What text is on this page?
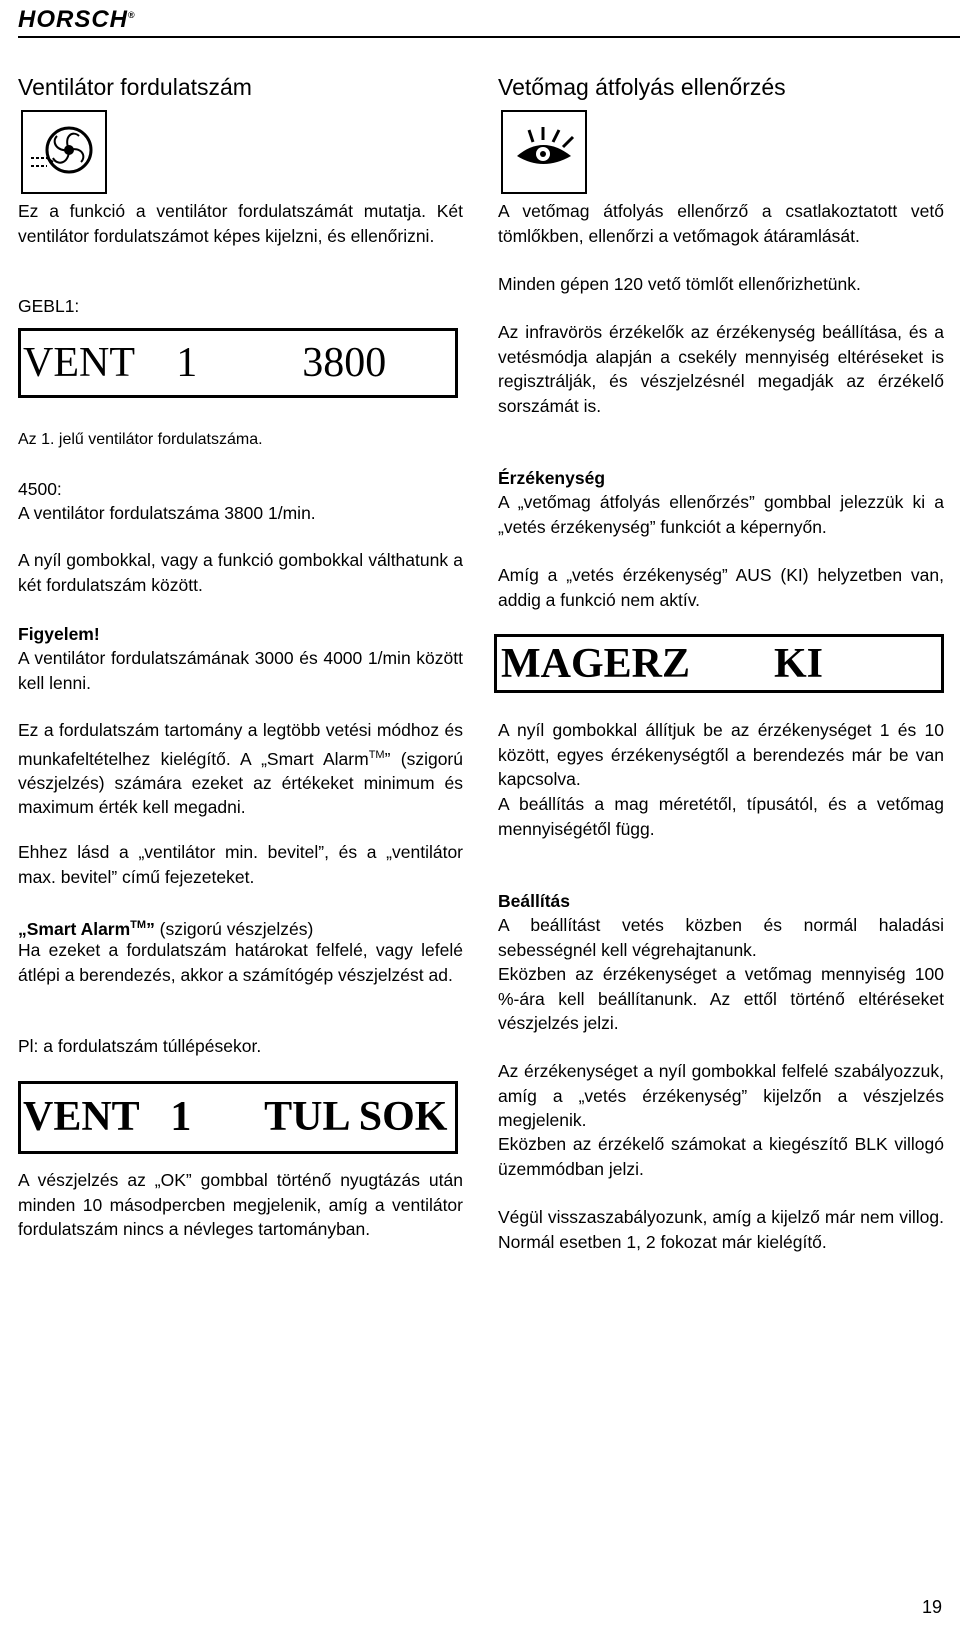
HORSCH®
Ventilátor fordulatszám

Ez a funkció a ventilátor fordulatszámát mutatja. Két ventilátor fordulatszámot képes kijelzni, és ellenőrizni.

GEBL1:
VENT    1          3800
Az 1. jelű ventilátor fordulatszáma.
4500:
A ventilátor fordulatszáma 3800 1/min.

A nyíl gombokkal, vagy a funkció gombokkal válthatunk a két fordulatszám között.

Figyelem!

A ventilátor fordulatszámának 3000 és 4000 1/min között kell lenni.

Ez a fordulatszám tartomány a legtöbb vetési módhoz és munkafeltételhez kielégítő. A „Smart Alarm™” (szigorú vészjelzés) számára ezeket az értékeket minimum és maximum érték kell megadni.

Ehhez lásd a „ventilátor min. bevitel”, és a „ventilátor max. bevitel” című fejezeteket.

„Smart Alarm™” (szigorú vészjelzés)

Ha ezeket a fordulatszám határokat felfelé, vagy lefelé átlépi a berendezés, akkor a számítógép vészjelzést ad.

Pl: a fordulatszám túllépésekor.
VENT   1       TUL SOK

A vészjelzés az „OK” gombbal történő nyugtázás után minden 10 másodpercben megjelenik, amíg a ventilátor fordulatszám nincs a névleges tartományban.

Vetőmag átfolyás ellenőrzés

A vetőmag átfolyás ellenőrző a csatlakoztatott vető tömlőkben, ellenőrzi a vetőmagok átáramlását.

Minden gépen 120 vető tömlőt ellenőrizhetünk.

Az infravörös érzékelők az érzékenység beállítása, és a vetésmódja alapján a csekély mennyiség eltéréseket is regisztrálják, és vészjelzésnél megadják az érzékelő sorszámát is.

Érzékenység

A „vetőmag átfolyás ellenőrzés” gombbal jelezzük ki a „vetés érzékenység” funkciót a képernyőn.

Amíg a „vetés érzékenység” AUS (KI) helyzetben van, addig a funkció nem aktív.

MAGERZ        KI

A nyíl gombokkal állítjuk be az érzékenységet 1 és 10 között, egyes érzékenységtől a berendezés már be van kapcsolva.

A beállítás a mag méretétől, típusától, és a vetőmag mennyiségétől függ.

Beállítás

A beállítást vetés közben és normál haladási sebességnél kell végrehajtanunk.

Eközben az érzékenységet a vetőmag mennyiség 100 %-ára kell beállítanunk. Az ettől történő eltéréseket vészjelzés jelzi.

Az érzékenységet a nyíl gombokkal felfelé szabályozzuk, amíg a „vetés érzékenység” kijelzőn a vészjelzés megjelenik.

Eközben az érzékelő számokat a kiegészítő BLK villogó üzemmódban jelzi.

Végül visszaszabályozunk, amíg a kijelző már nem villog. Normál esetben 1, 2 fokozat már kielégítő.

19
